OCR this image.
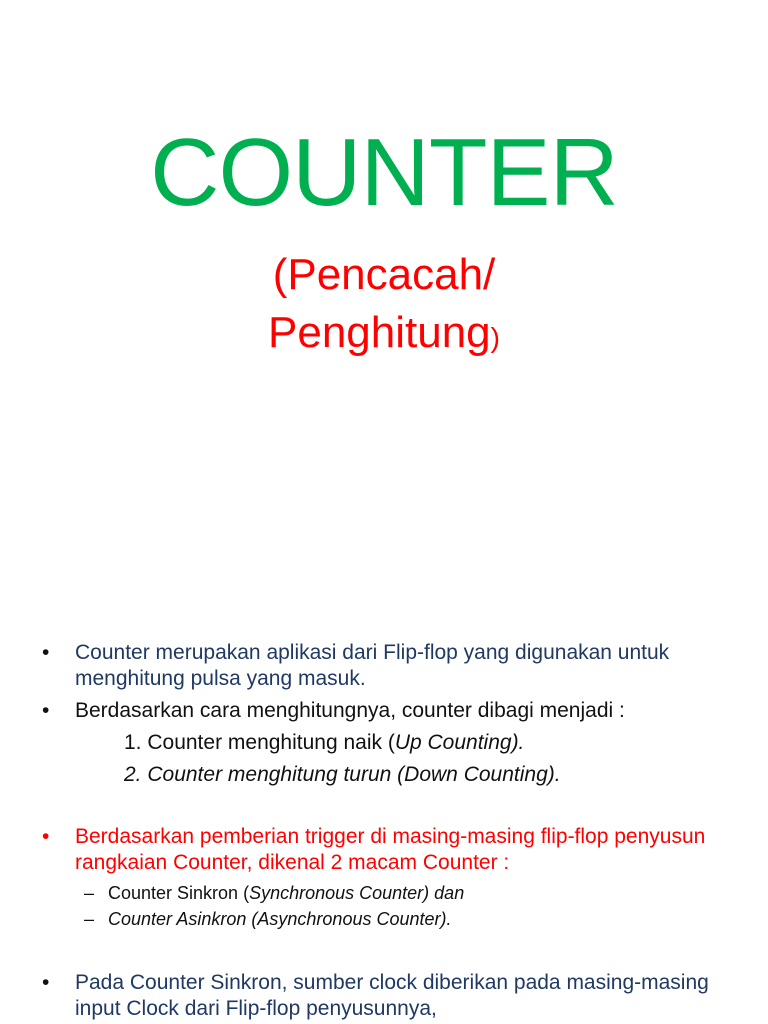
COUNTER
(Pencacah/
Penghitung)
• Counter merupakan aplikasi dari Flip-flop yang digunakan untuk menghitung pulsa yang masuk.
• Berdasarkan cara menghitungnya, counter dibagi menjadi :
1. Counter menghitung naik (Up Counting).
2. Counter menghitung turun (Down Counting).
• Berdasarkan pemberian trigger di masing-masing flip-flop penyusun rangkaian Counter, dikenal 2 macam Counter :
– Counter Sinkron (Synchronous Counter) dan
– Counter Asinkron (Asynchronous Counter).
• Pada Counter Sinkron, sumber clock diberikan pada masing-masing input Clock dari Flip-flop penyusunnya,
